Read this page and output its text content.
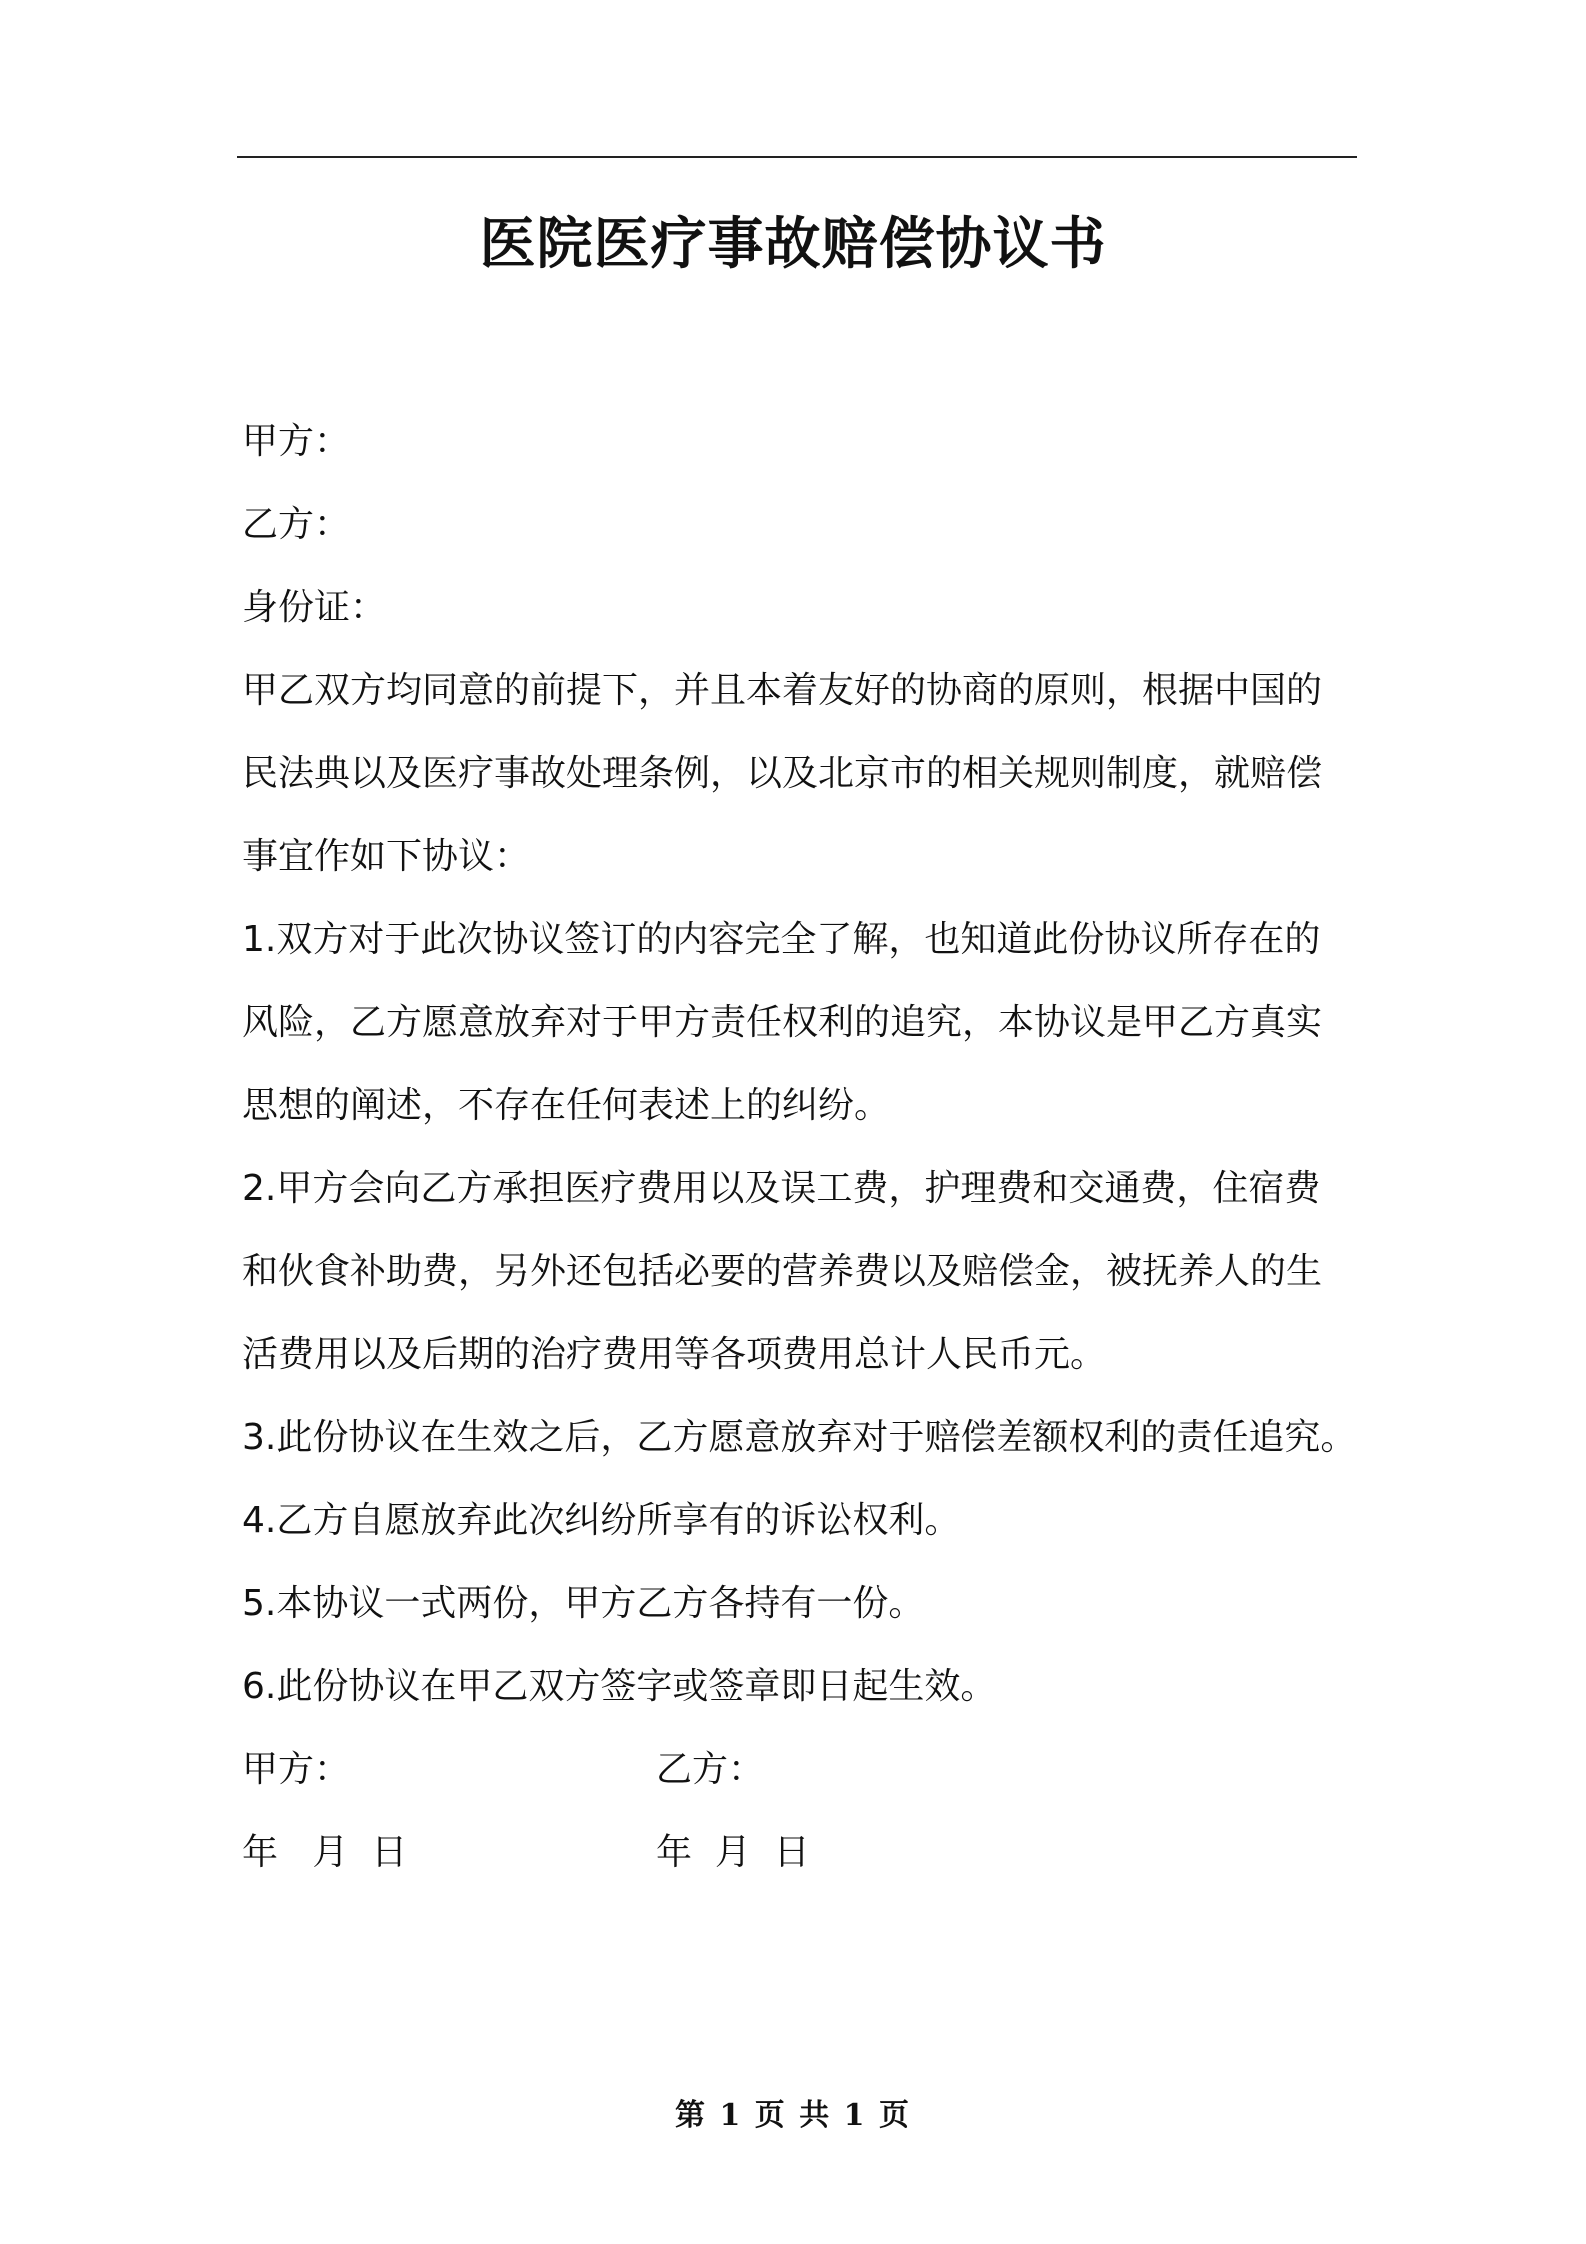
医院医疗事故赔偿协议书
甲方：
乙方：
身份证：
甲乙双方均同意的前提下，并且本着友好的协商的原则，根据中国的
民法典以及医疗事故处理条例，以及北京市的相关规则制度，就赔偿
事宜作如下协议：
1.双方对于此次协议签订的内容完全了解，也知道此份协议所存在的
风险，乙方愿意放弃对于甲方责任权利的追究，本协议是甲乙方真实
思想的阐述，不存在任何表述上的纠纷。
2.甲方会向乙方承担医疗费用以及误工费，护理费和交通费，住宿费
和伙食补助费，另外还包括必要的营养费以及赔偿金，被抚养人的生
活费用以及后期的治疗费用等各项费用总计人民币元。
3.此份协议在生效之后，乙方愿意放弃对于赔偿差额权利的责任追究。
4.乙方自愿放弃此次纠纷所享有的诉讼权利。
5.本协议一式两份，甲方乙方各持有一份。
6.此份协议在甲乙双方签字或签章即日起生效。
甲方：	乙方：
年   月  日	年  月  日
第 1 页 共 1 页
